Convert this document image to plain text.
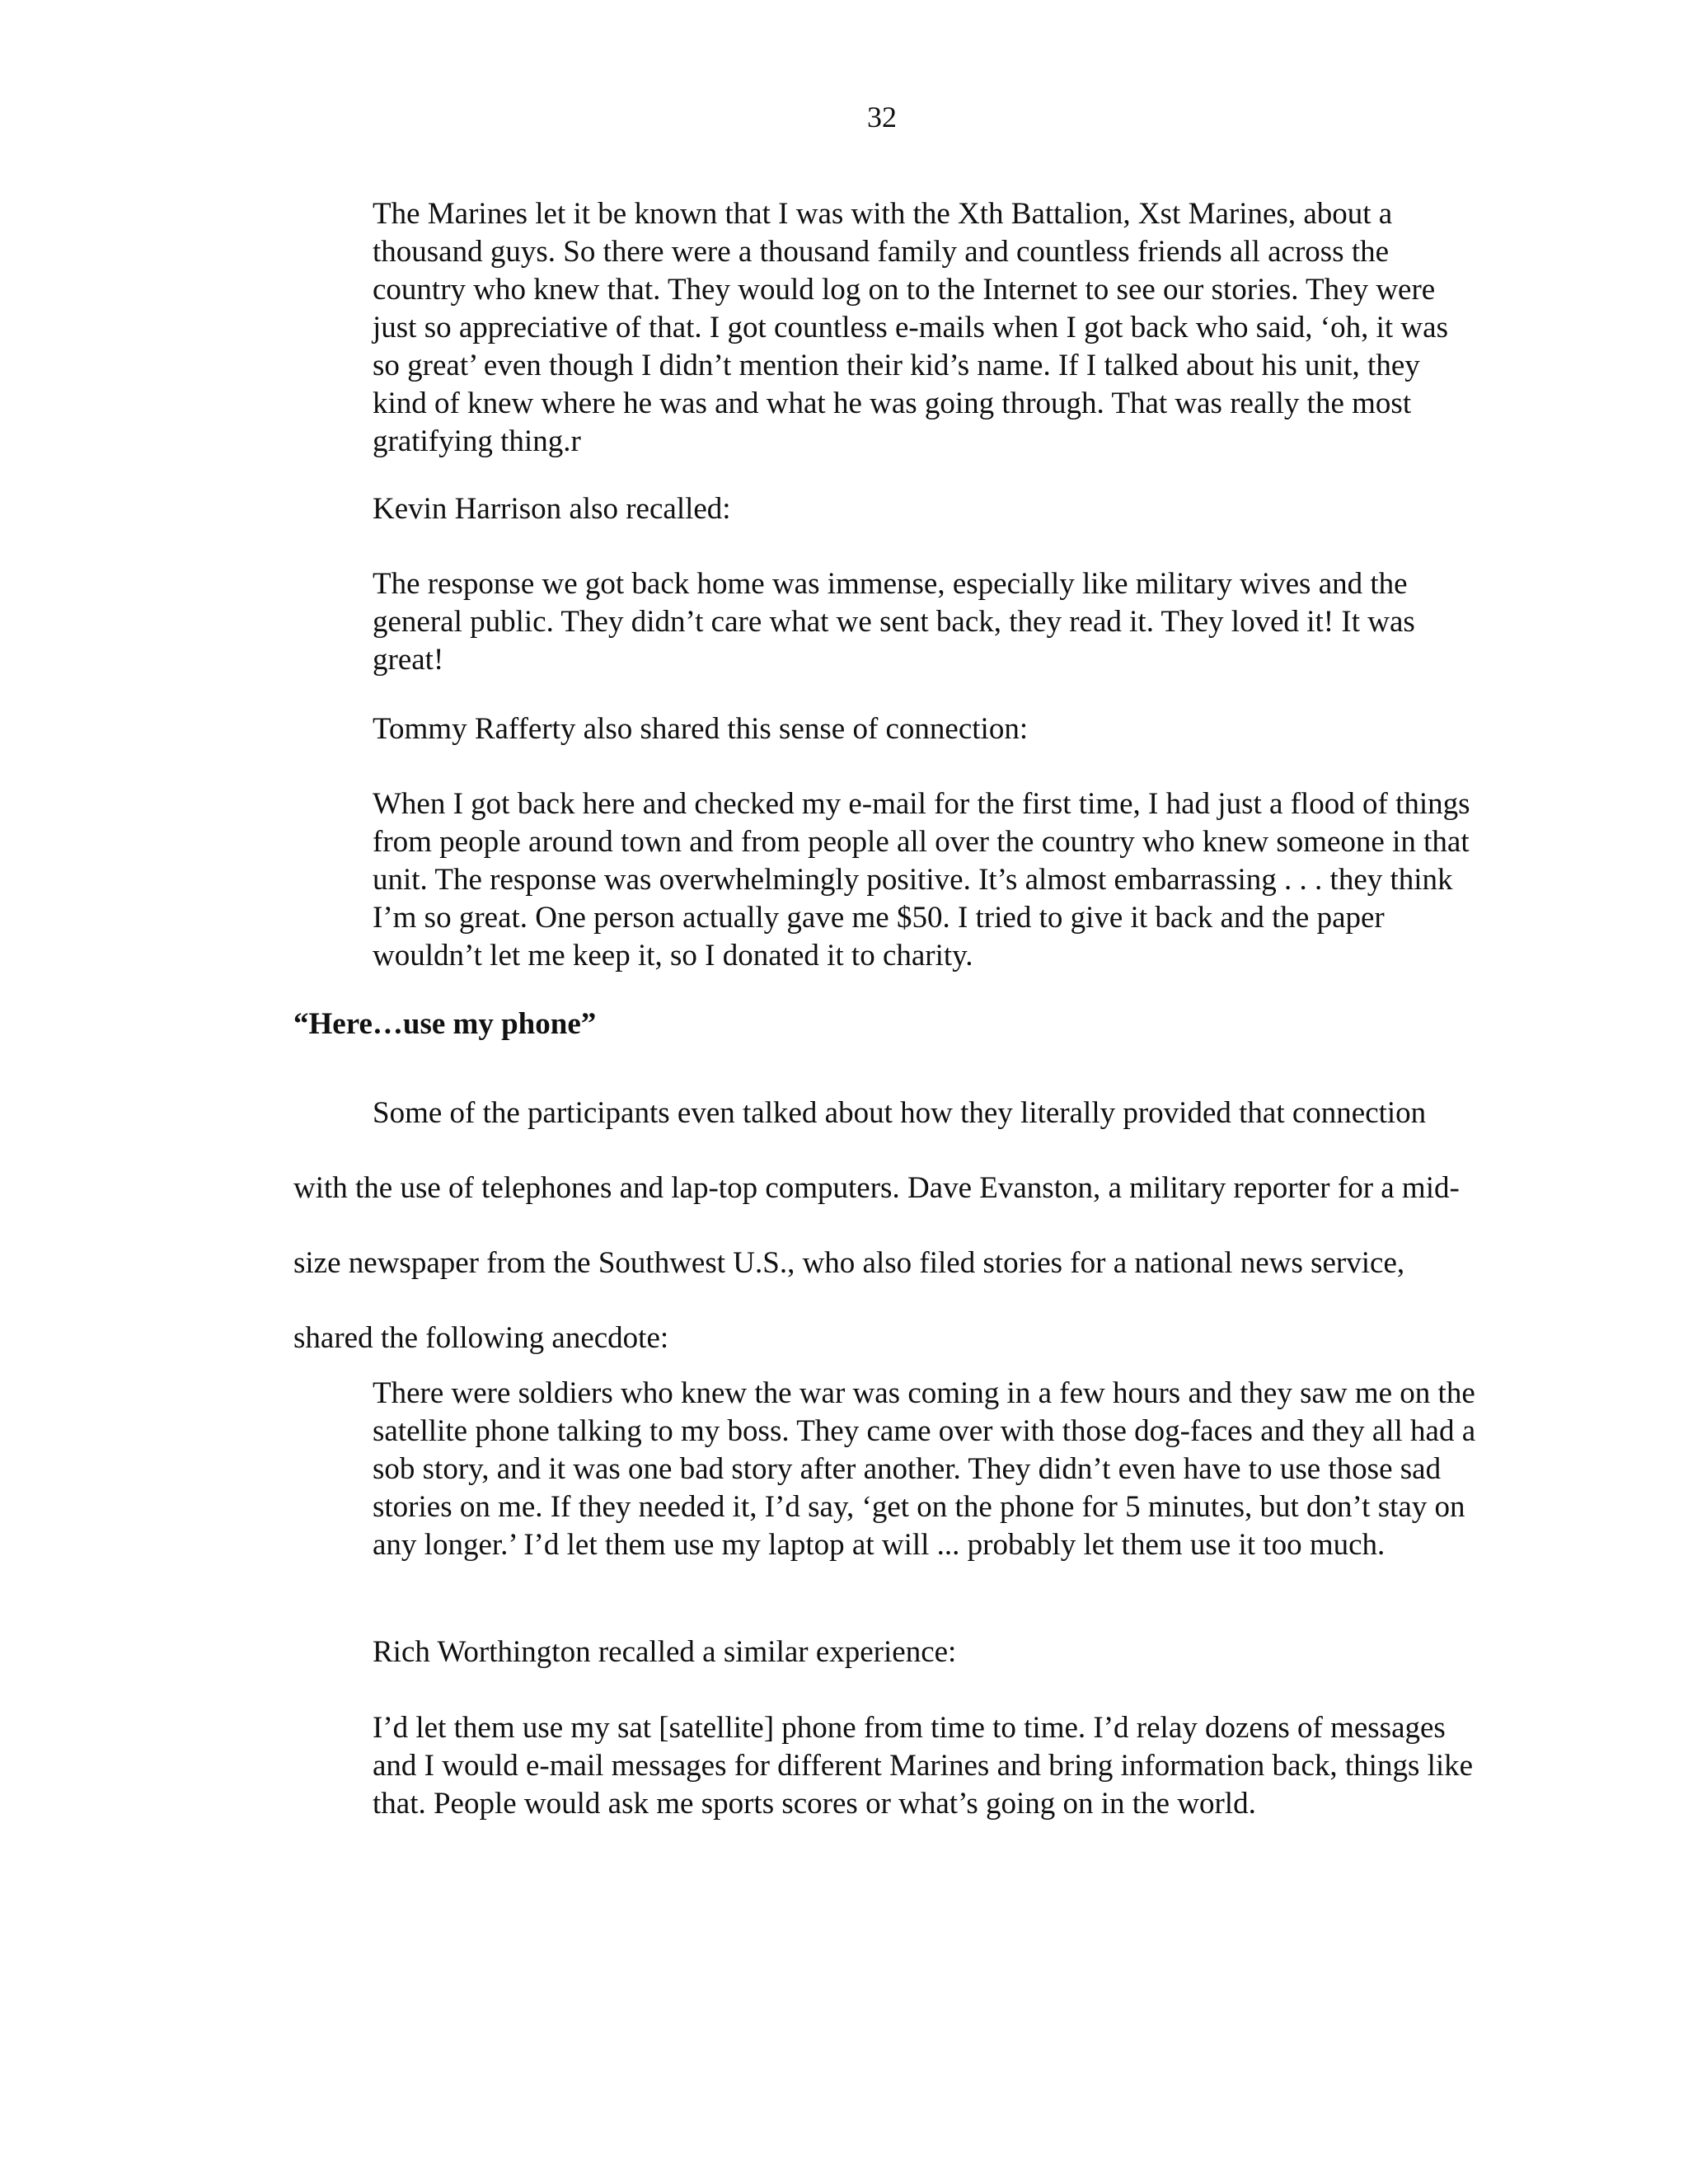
32

The Marines let it be known that I was with the Xth Battalion, Xst Marines, about a thousand guys. So there were a thousand family and countless friends all across the country who knew that. They would log on to the Internet to see our stories. They were just so appreciative of that. I got countless e-mails when I got back who said, ‘oh, it was so great’ even though I didn’t mention their kid’s name. If I talked about his unit, they kind of knew where he was and what he was going through. That was really the most gratifying thing.r

Kevin Harrison also recalled:

The response we got back home was immense, especially like military wives and the general public. They didn’t care what we sent back, they read it. They loved it! It was great!

Tommy Rafferty also shared this sense of connection:

When I got back here and checked my e-mail for the first time, I had just a flood of things from people around town and from people all over the country who knew someone in that unit. The response was overwhelmingly positive. It’s almost embarrassing . . . they think I’m so great. One person actually gave me $50. I tried to give it back and the paper wouldn’t let me keep it, so I donated it to charity.

“Here…use my phone”

Some of the participants even talked about how they literally provided that connection with the use of telephones and lap-top computers. Dave Evanston, a military reporter for a mid-size newspaper from the Southwest U.S., who also filed stories for a national news service, shared the following anecdote:

There were soldiers who knew the war was coming in a few hours and they saw me on the satellite phone talking to my boss. They came over with those dog-faces and they all had a sob story, and it was one bad story after another. They didn’t even have to use those sad stories on me. If they needed it, I’d say, ‘get on the phone for 5 minutes, but don’t stay on any longer.’ I’d let them use my laptop at will ... probably let them use it too much.

Rich Worthington recalled a similar experience:

I’d let them use my sat [satellite] phone from time to time. I’d relay dozens of messages and I would e-mail messages for different Marines and bring information back, things like that. People would ask me sports scores or what’s going on in the world.
